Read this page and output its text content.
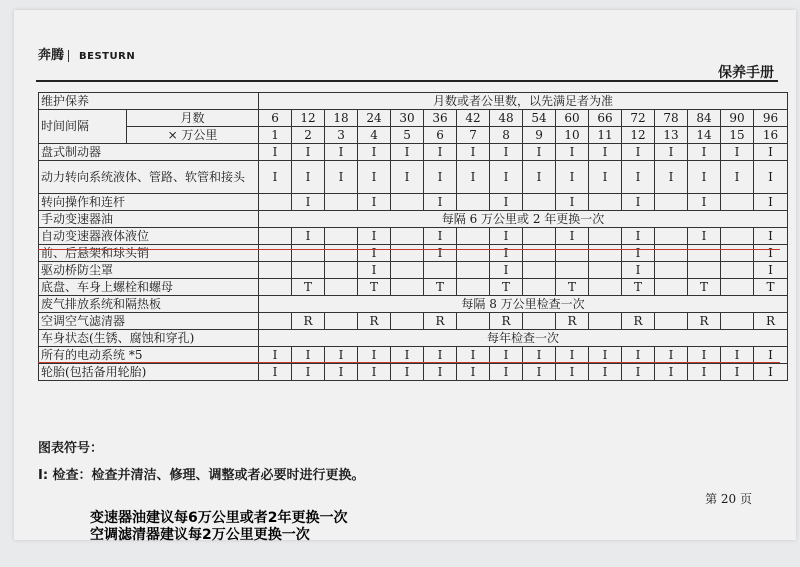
奔腾 BESTURN
保养手册
维护保养		月数或者公里数，以先满足者为准															
时间间隔	月数	6	12	18	24	30	36	42	48	54	60	66	72	78	84	90	96
	× 万公里	1	2	3	4	5	6	7	8	9	10	11	12	13	14	15	16
盘式制动器		I	I	I	I	I	I	I	I	I	I	I	I	I	I	I	I
动力转向系统液体、管路、软管和接头		I	I	I	I	I	I	I	I	I	I	I	I	I	I	I	I
转向操作和连杆			I		I		I		I		I		I		I		I
手动变速器油		每隔 6 万公里或 2 年更换一次															
自动变速器液体液位			I		I		I		I		I		I		I		I
前、后悬架和球头销					I		I		I				I				I
驱动桥防尘罩					I				I				I				I
底盘、车身上螺栓和螺母			T		T		T		T		T		T		T		T
废气排放系统和隔热板		每隔 8 万公里检查一次															
空调空气滤清器			R		R		R		R		R		R		R		R
车身状态(生锈、腐蚀和穿孔)		每年检查一次															
所有的电动系统 *5		I	I	I	I	I	I	I	I	I	I	I	I	I	I	I	I
轮胎(包括备用轮胎)		I	I	I	I	I	I	I	I	I	I	I	I	I	I	I	I
图表符号：
I: 检查：检查并清洁、修理、调整或者必要时进行更换。
第 20 页
变速器油建议每6万公里或者2年更换一次
空调滤清器建议每2万公里更换一次
